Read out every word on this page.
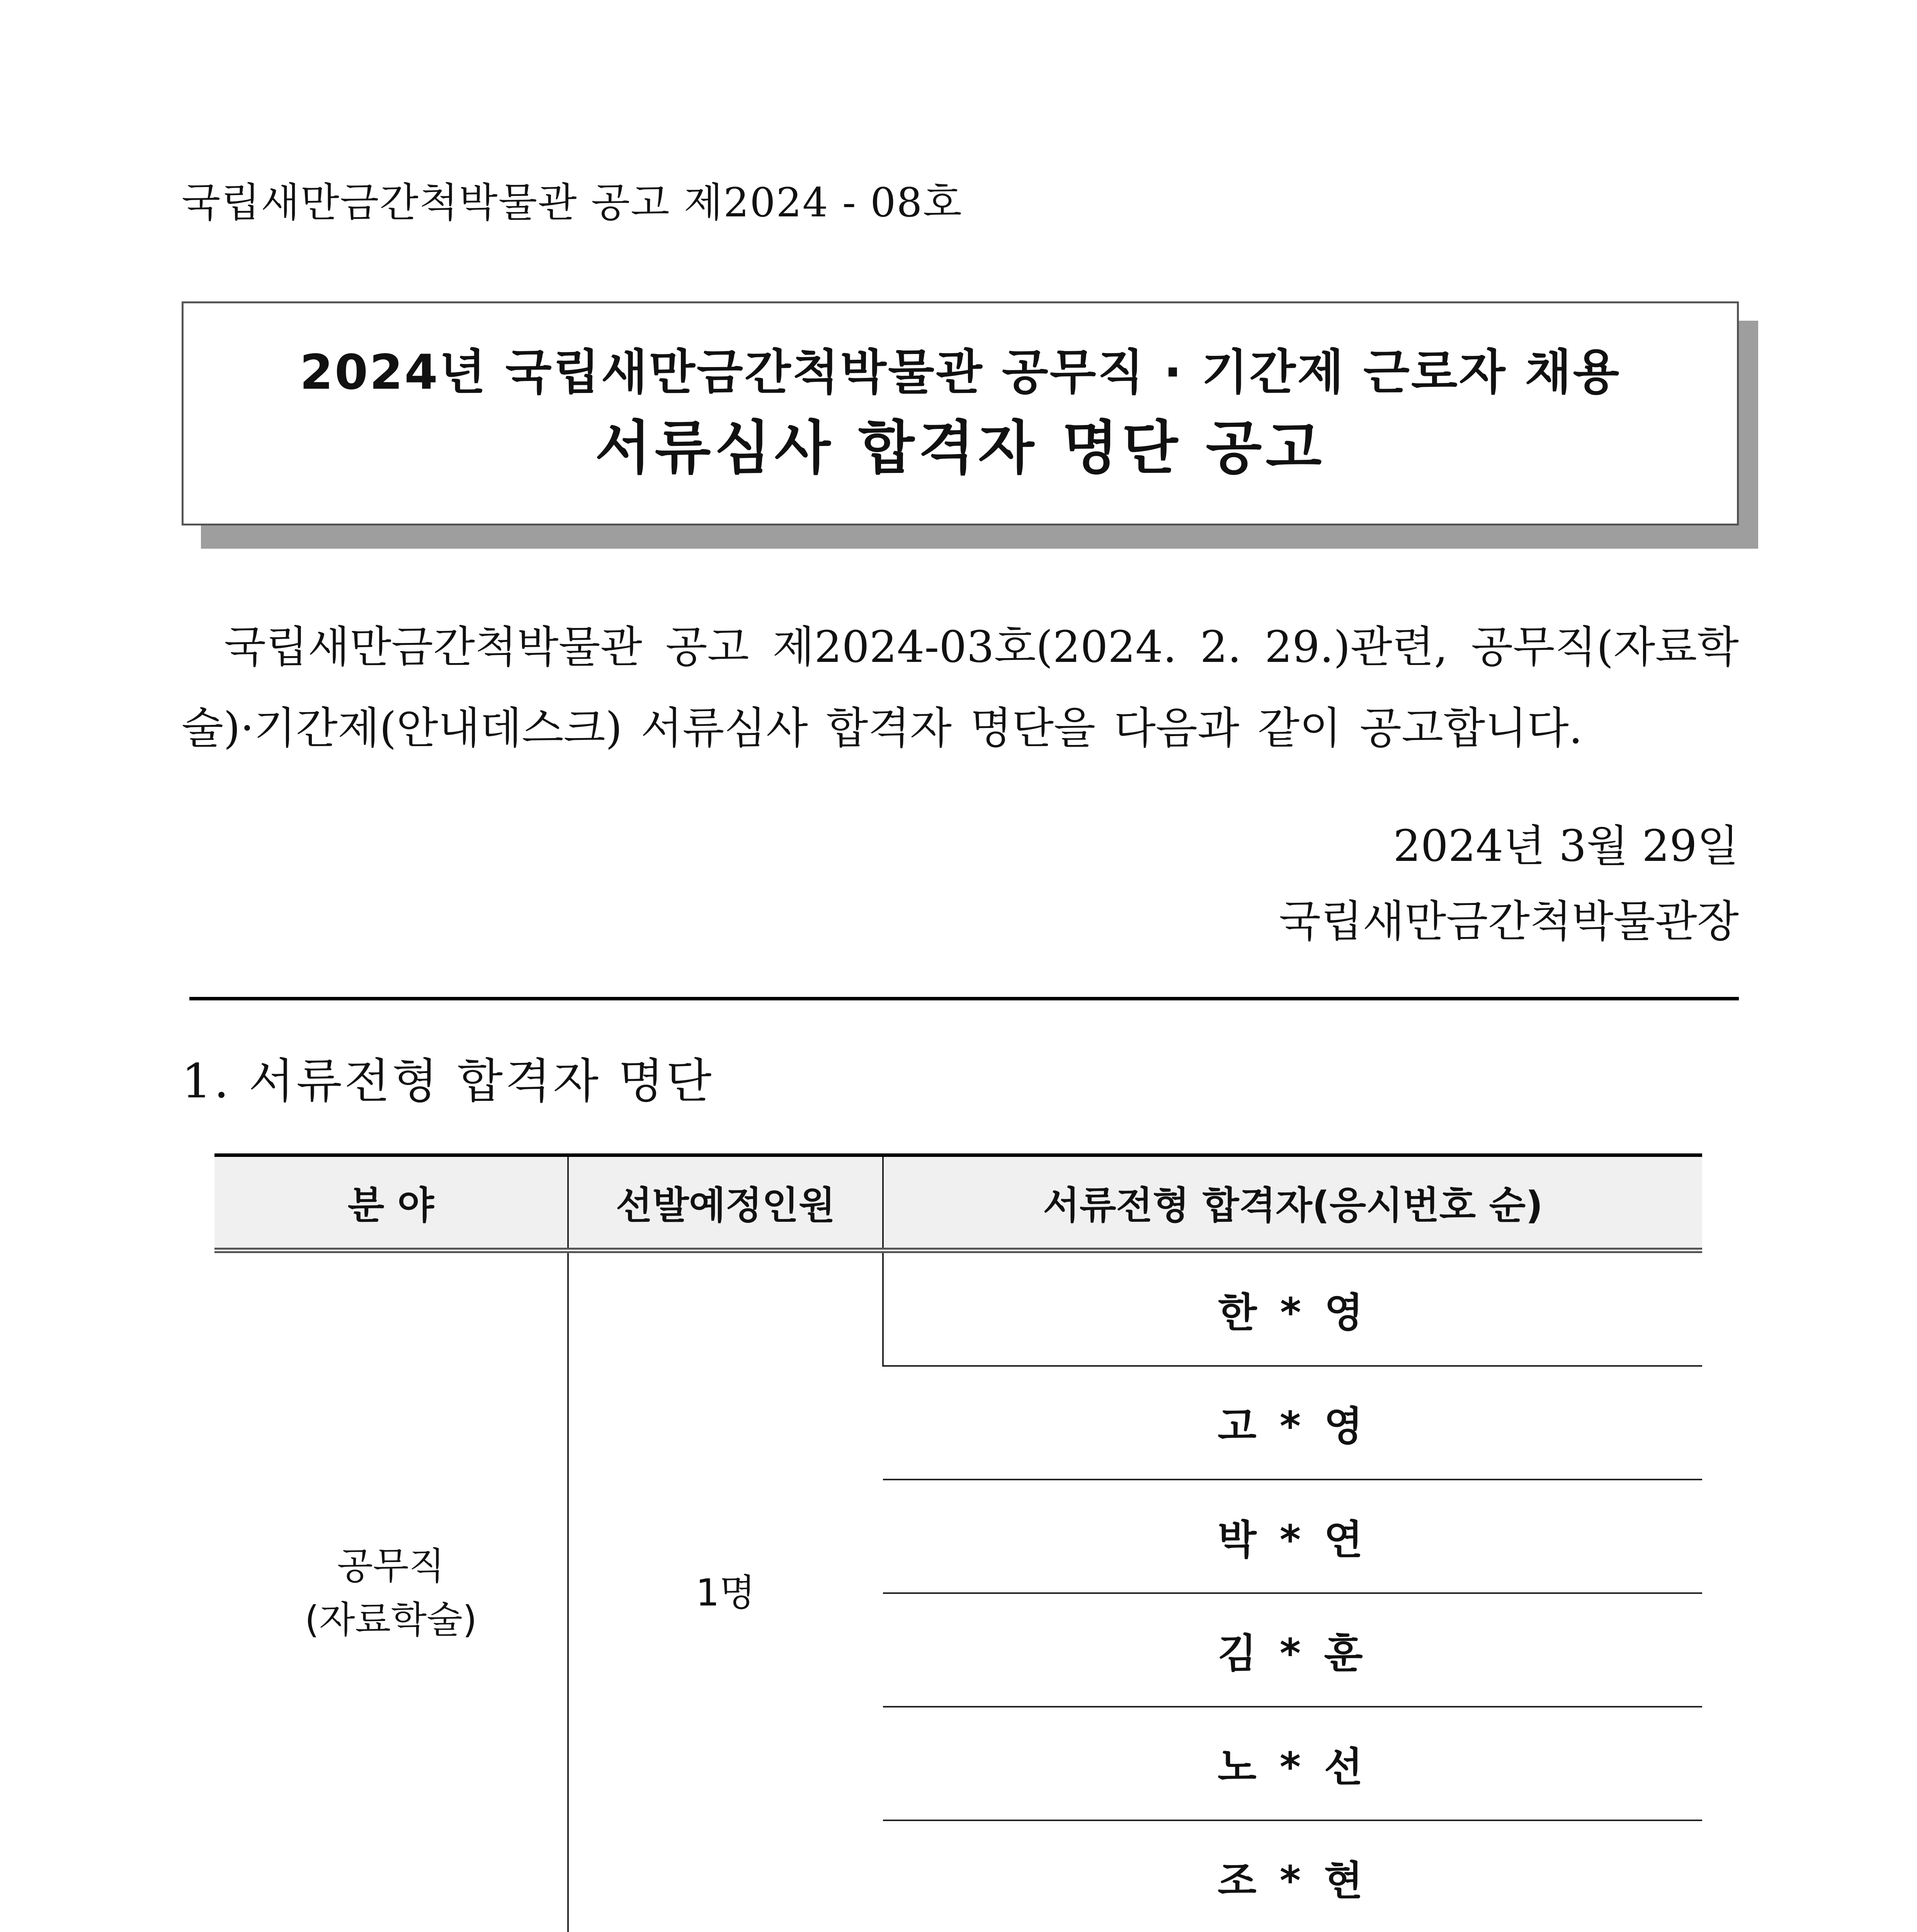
국립새만금간척박물관 공고 제2024 - 08호
2024년 국립새만금간척박물관 공무직 · 기간제 근로자 채용
서류심사 합격자 명단 공고
국립새만금간척박물관 공고 제2024-03호(2024. 2. 29.)관련, 공무직(자료학술)·기간제(안내데스크) 서류심사 합격자 명단을 다음과 같이 공고합니다.
2024년 3월 29일
국립새만금간척박물관장
1. 서류전형 합격자 명단
분 야	선발예정인원	서류전형 합격자(응시번호 순)

공무직
(자료학술)	1명	한 * 영
		고 * 영
		박 * 연
		김 * 훈
		노 * 선
		조 * 현
